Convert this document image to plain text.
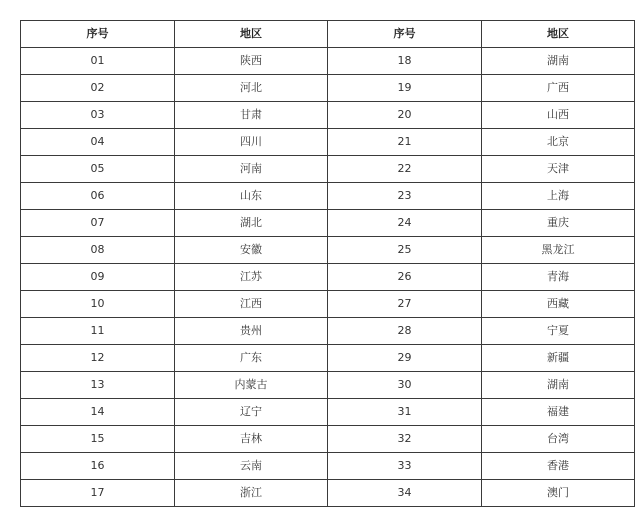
序号	地区	序号	地区
01	陕西	18	湖南
02	河北	19	广西
03	甘肃	20	山西
04	四川	21	北京
05	河南	22	天津
06	山东	23	上海
07	湖北	24	重庆
08	安徽	25	黑龙江
09	江苏	26	青海
10	江西	27	西藏
11	贵州	28	宁夏
12	广东	29	新疆
13	内蒙古	30	湖南
14	辽宁	31	福建
15	吉林	32	台湾
16	云南	33	香港
17	浙江	34	澳门
